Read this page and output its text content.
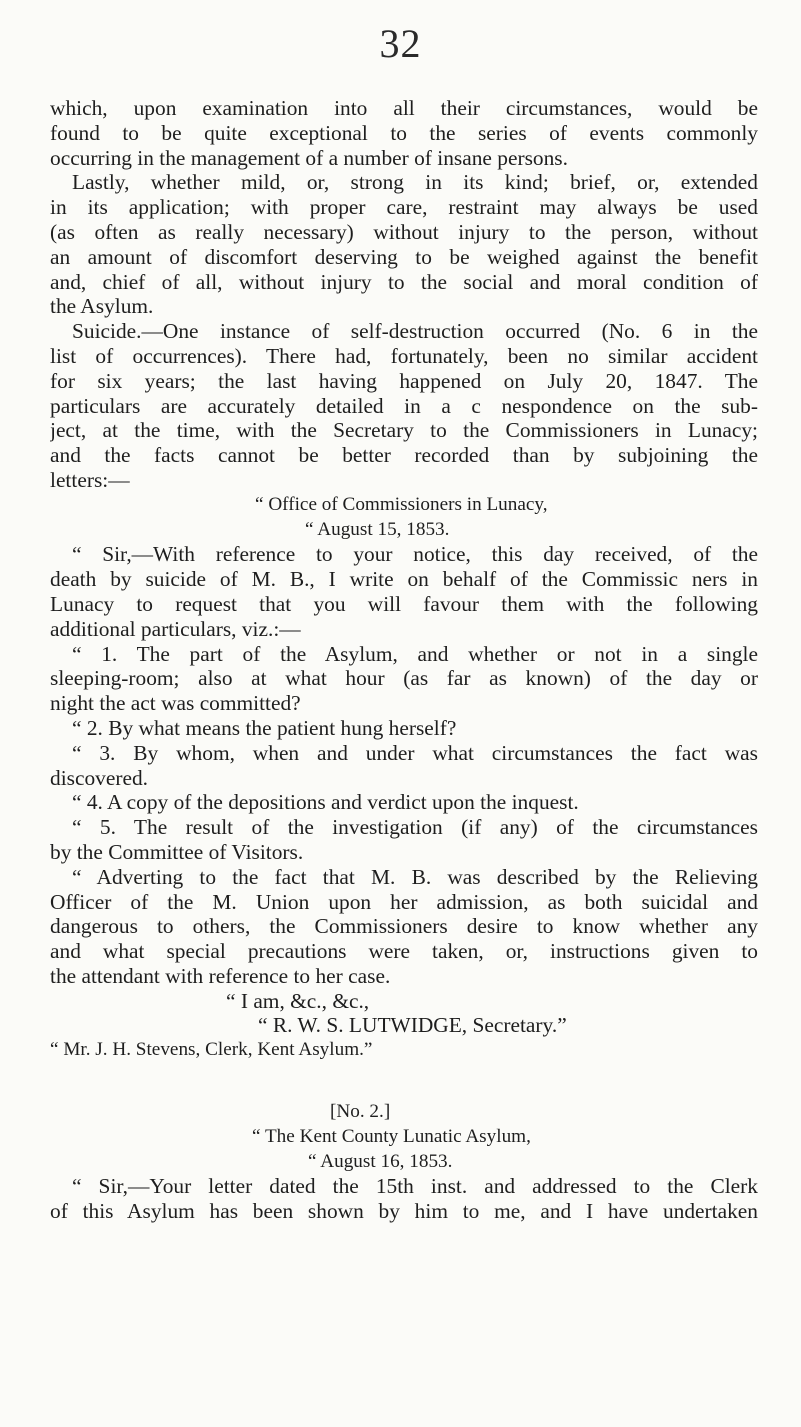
32
which, upon examination into all their circumstances, would be
found to be quite exceptional to the series of events commonly
occurring in the management of a number of insane persons.
Lastly, whether mild, or, strong in its kind; brief, or, extended
in its application; with proper care, restraint may always be used
(as often as really necessary) without injury to the person, without
an amount of discomfort deserving to be weighed against the benefit
and, chief of all, without injury to the social and moral condition of
the Asylum.
Suicide.—One instance of self-destruction occurred (No. 6 in the
list of occurrences). There had, fortunately, been no similar accident
for six years; the last having happened on July 20, 1847. The
particulars are accurately detailed in a c nespondence on the sub-
ject, at the time, with the Secretary to the Commissioners in Lunacy;
and the facts cannot be better recorded than by subjoining the
letters:—
“ Office of Commissioners in Lunacy,
“ August 15, 1853.
“ Sir,—With reference to your notice, this day received, of the
death by suicide of M. B., I write on behalf of the Commissic ners in
Lunacy to request that you will favour them with the following
additional particulars, viz.:—
“ 1. The part of the Asylum, and whether or not in a single
sleeping-room; also at what hour (as far as known) of the day or
night the act was committed?
“ 2. By what means the patient hung herself?
“ 3. By whom, when and under what circumstances the fact was
discovered.
“ 4. A copy of the depositions and verdict upon the inquest.
“ 5. The result of the investigation (if any) of the circumstances
by the Committee of Visitors.
“ Adverting to the fact that M. B. was described by the Relieving
Officer of the M. Union upon her admission, as both suicidal and
dangerous to others, the Commissioners desire to know whether any
and what special precautions were taken, or, instructions given to
the attendant with reference to her case.
“ I am, &c., &c.,
“ R. W. S. LUTWIDGE, Secretary.”
“ Mr. J. H. Stevens, Clerk, Kent Asylum.”
[No. 2.]
“ The Kent County Lunatic Asylum,
“ August 16, 1853.
“ Sir,—Your letter dated the 15th inst. and addressed to the Clerk
of this Asylum has been shown by him to me, and I have undertaken
